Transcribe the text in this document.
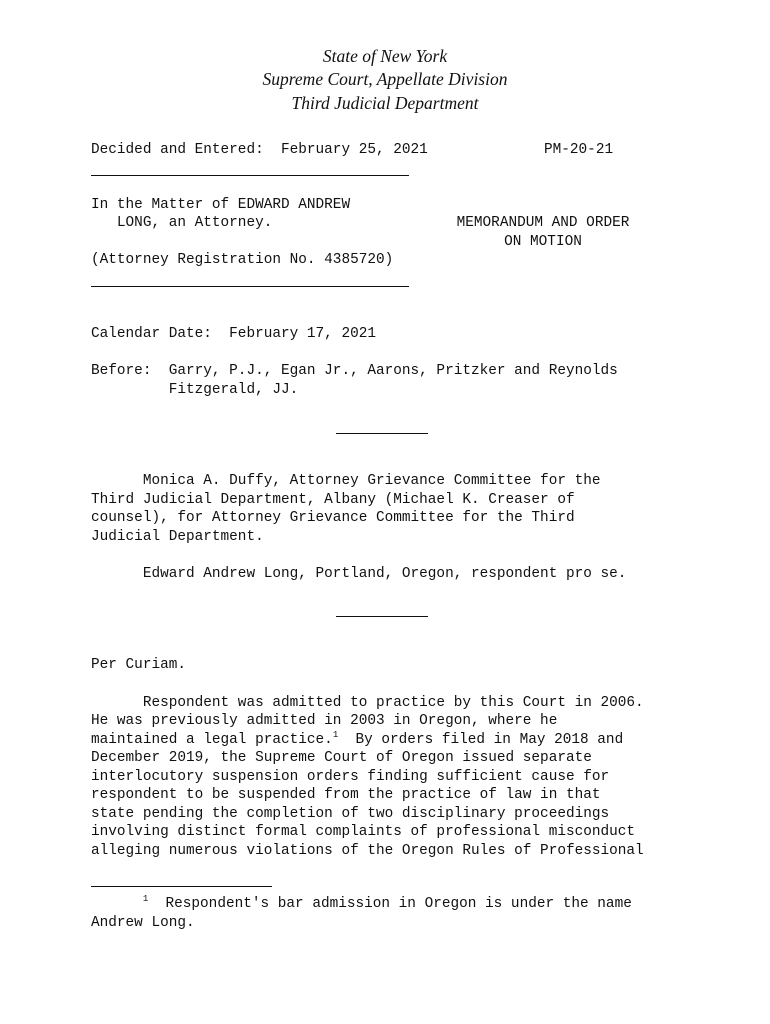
State of New York
Supreme Court, Appellate Division
Third Judicial Department
Decided and Entered:  February 25, 2021	PM-20-21
In the Matter of EDWARD ANDREW
LONG, an Attorney.
(Attorney Registration No. 4385720)
MEMORANDUM AND ORDER
ON MOTION
Calendar Date:  February 17, 2021
Before:  Garry, P.J., Egan Jr., Aarons, Pritzker and Reynolds
Fitzgerald, JJ.
Monica A. Duffy, Attorney Grievance Committee for the
Third Judicial Department, Albany (Michael K. Creaser of
counsel), for Attorney Grievance Committee for the Third
Judicial Department.
Edward Andrew Long, Portland, Oregon, respondent pro se.
Per Curiam.
Respondent was admitted to practice by this Court in 2006.
He was previously admitted in 2003 in Oregon, where he
maintained a legal practice.$^1$  By orders filed in May 2018 and
December 2019, the Supreme Court of Oregon issued separate
interlocutory suspension orders finding sufficient cause for
respondent to be suspended from the practice of law in that
state pending the completion of two disciplinary proceedings
involving distinct formal complaints of professional misconduct
alleging numerous violations of the Oregon Rules of Professional
$^1$  Respondent's bar admission in Oregon is under the name
Andrew Long.
